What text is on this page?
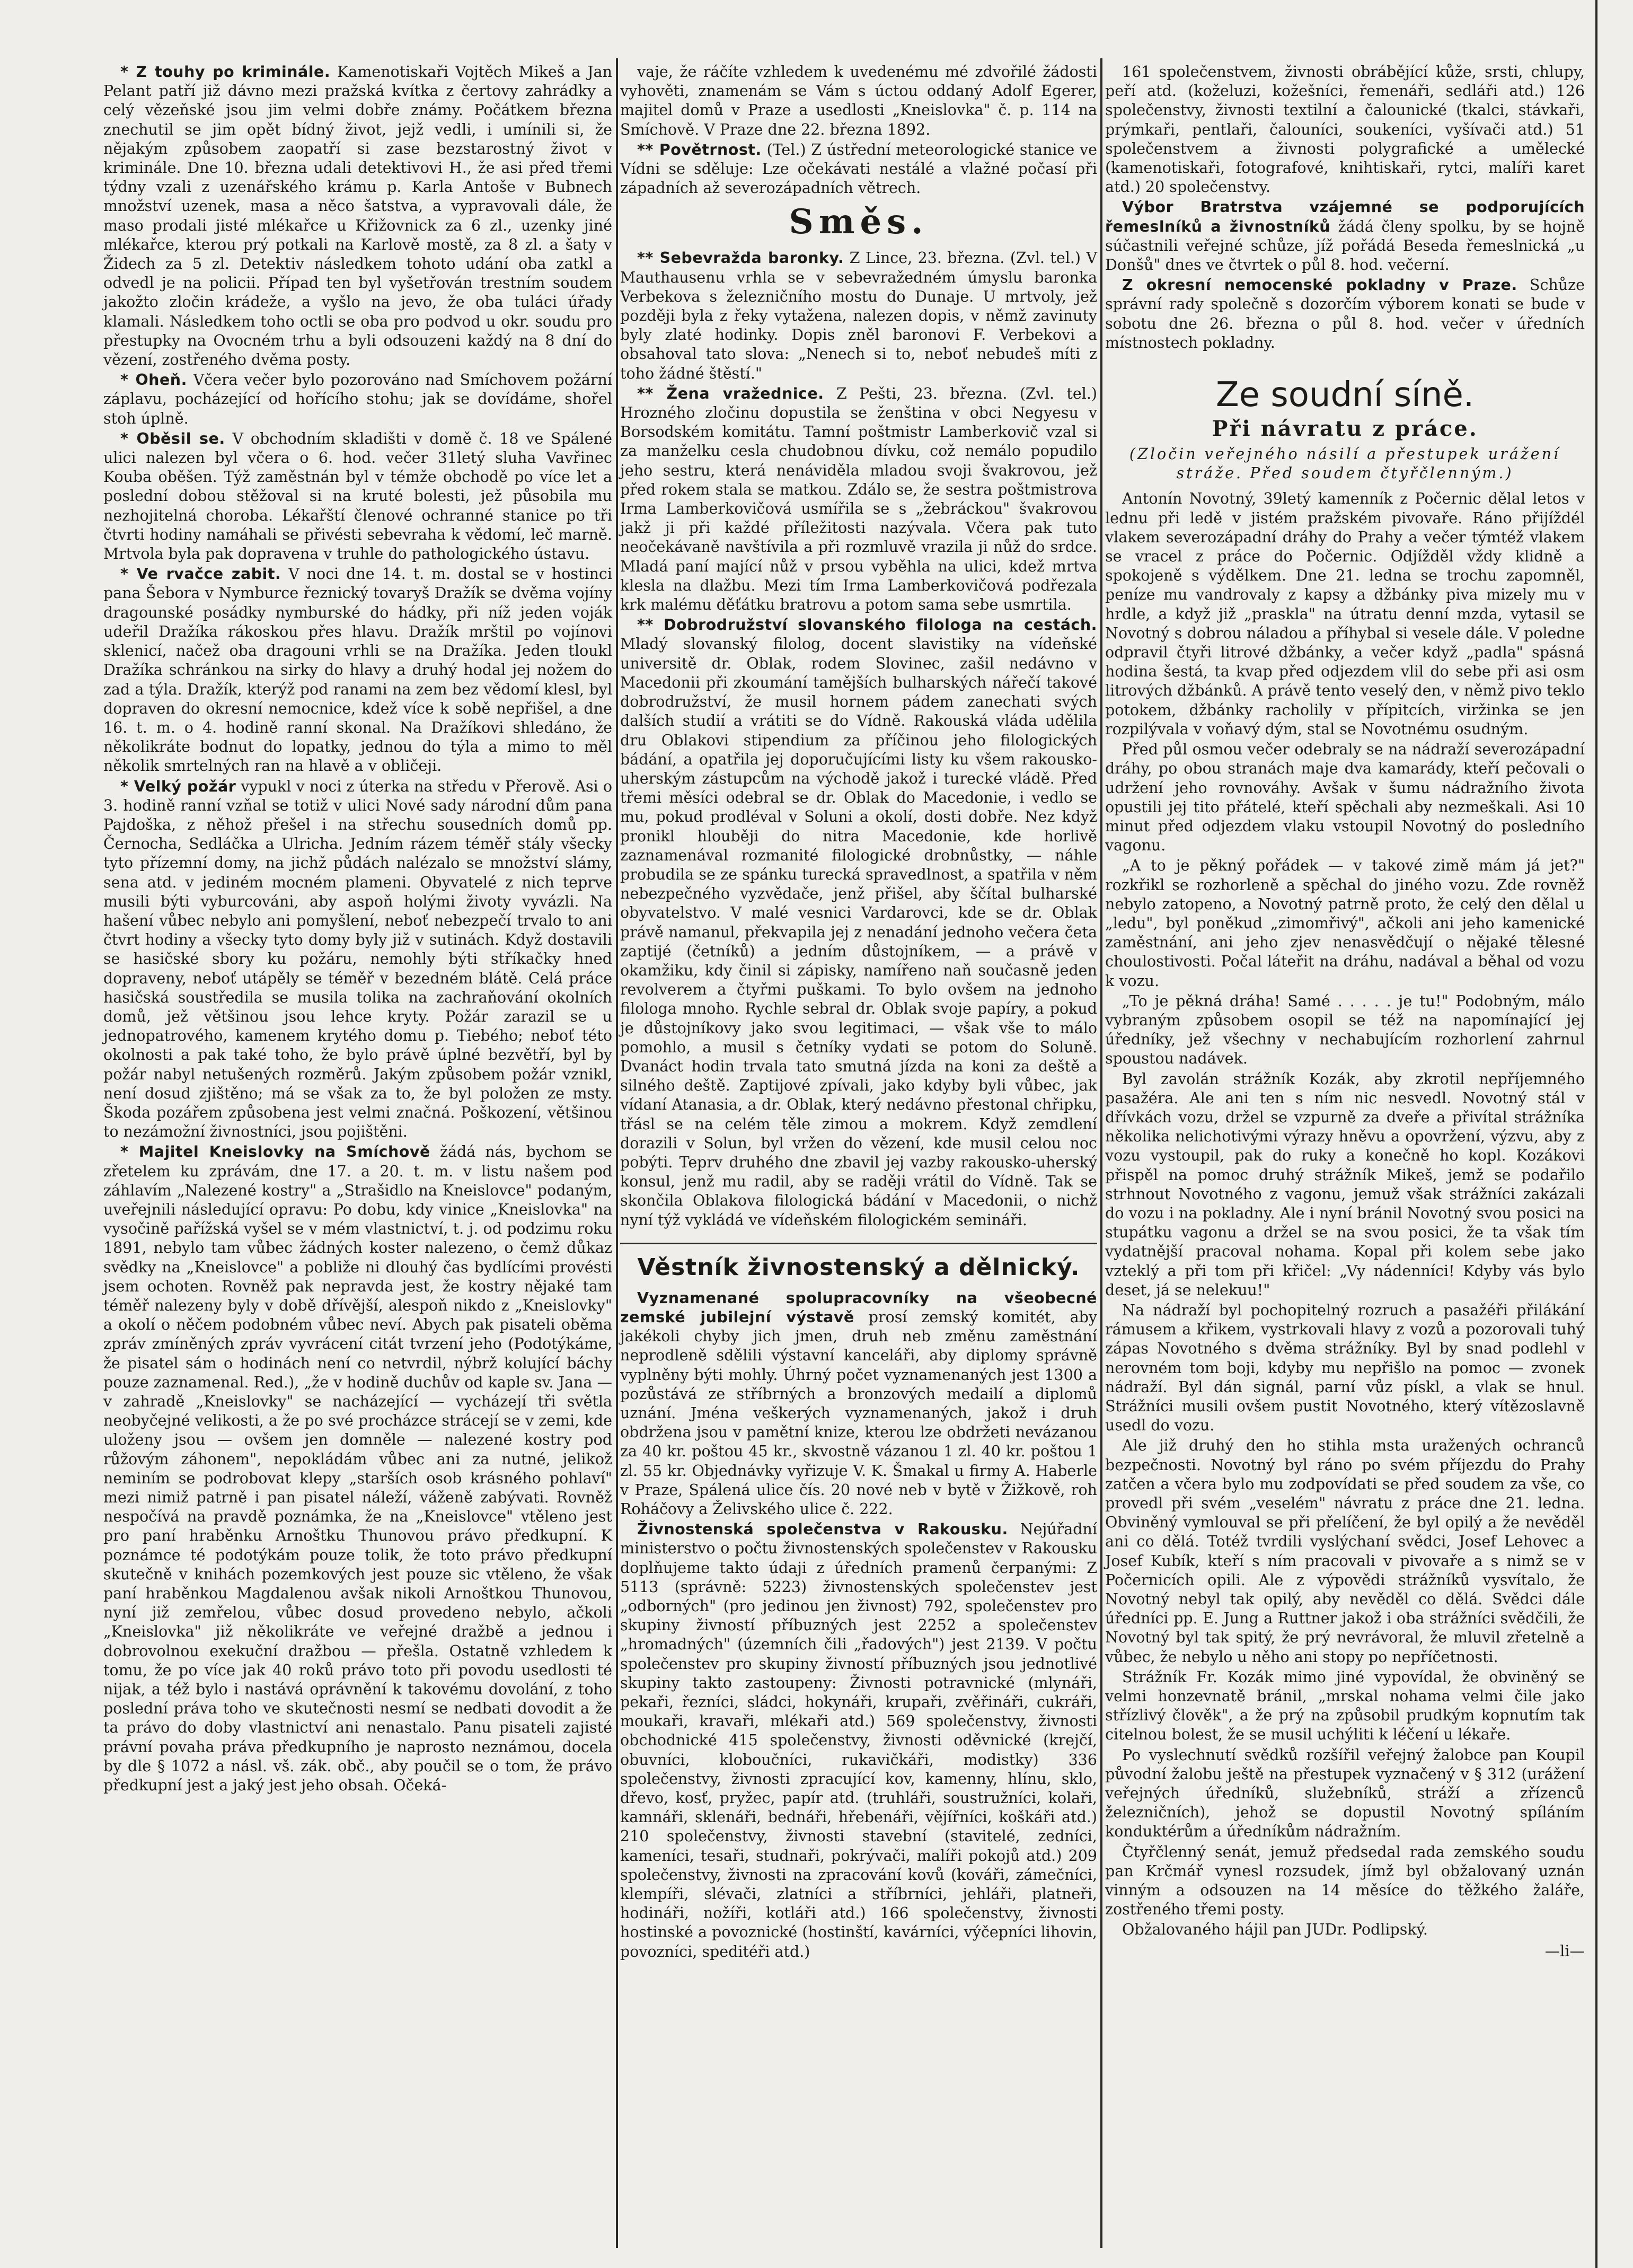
* Z touhy po kriminále. Kamenotiskaři Vojtěch Mikeš a Jan Pelant patří již dávno mezi pražská kvítka z čertovy zahrádky a celý vězeňské jsou jim velmi dobře známy. Počátkem března znechutil se jim opět bídný život, jejž vedli, i umínili si, že nějakým způsobem zaopatří si zase bezstarostný život v kriminále. Dne 10. března udali detektivovi H., že asi před třemi týdny vzali z uzenářského krámu p. Karla Antoše v Bubnech množství uzenek, masa a něco šatstva, a vypravovali dále, že maso prodali jisté mlékařce u Křižovnick za 6 zl., uzenky jiné mlékařce, kterou prý potkali na Karlově mostě, za 8 zl. a šaty v Židech za 5 zl. Detektiv následkem tohoto udání oba zatkl a odvedl je na policii. Případ ten byl vyšetřován trestním soudem jakožto zločin krádeže, a vyšlo na jevo, že oba tuláci úřady klamali. Následkem toho octli se oba pro podvod u okr. soudu pro přestupky na Ovocném trhu a byli odsouzeni každý na 8 dní do vězení, zostřeného dvěma posty.

* Oheň. Včera večer bylo pozorováno nad Smíchovem požární záplavu, pocházející od hořícího stohu; jak se dovídáme, shořel stoh úplně.

* Oběsil se. V obchodním skladišti v domě č. 18 ve Spálené ulici nalezen byl včera o 6. hod. večer 31letý sluha Vavřinec Kouba oběšen. Týž zaměstnán byl v témže obchodě po více let a poslední dobou stěžoval si na kruté bolesti, jež působila mu nezhojitelná choroba. Lékařští členové ochranné stanice po tři čtvrti hodiny namáhali se přivésti sebevraha k vědomí, leč marně. Mrtvola byla pak dopravena v truhle do pathologického ústavu.

* Ve rvačce zabit. V noci dne 14. t. m. dostal se v hostinci pana Šebora v Nymburce řeznický tovaryš Dražík se dvěma vojíny dragounské posádky nymburské do hádky, při níž jeden voják udeřil Dražíka rákoskou přes hlavu. Dražík mrštil po vojínovi sklenicí, načež oba dragouni vrhli se na Dražíka. Jeden tloukl Dražíka schránkou na sirky do hlavy a druhý hodal jej nožem do zad a týla. Dražík, kterýž pod ranami na zem bez vědomí klesl, byl dopraven do okresní nemocnice, kdež více k sobě nepřišel, a dne 16. t. m. o 4. hodině ranní skonal. Na Dražíkovi shledáno, že několikráte bodnut do lopatky, jednou do týla a mimo to měl několik smrtelných ran na hlavě a v obličeji.

* Velký požár vypukl v noci z úterka na středu v Přerově. Asi o 3. hodině ranní vzňal se totiž v ulici Nové sady národní dům pana Pajdoška, z něhož přešel i na střechu sousedních domů pp. Černocha, Sedláčka a Ulricha. Jedním rázem téměř stály všecky tyto přízemní domy, na jichž půdách nalézalo se množství slámy, sena atd. v jediném mocném plameni. Obyvatelé z nich teprve musili býti vyburcováni, aby aspoň holými životy vyvázli. Na hašení vůbec nebylo ani pomyšlení, neboť nebezpečí trvalo to ani čtvrt hodiny a všecky tyto domy byly již v sutinách. Když dostavili se hasičské sbory ku požáru, nemohly býti stříkačky hned dopraveny, neboť utápěly se téměř v bezedném blátě. Celá práce hasičská soustředila se musila tolika na zachraňování okolních domů, jež většinou jsou lehce kryty. Požár zarazil se u jednopatrového, kamenem krytého domu p. Tiebého; neboť této okolnosti a pak také toho, že bylo právě úplné bezvětří, byl by požár nabyl netušených rozměrů. Jakým způsobem požár vznikl, není dosud zjištěno; má se však za to, že byl položen ze msty. Škoda pozářem způsobena jest velmi značná. Poškození, většinou to nezámožní živnostníci, jsou pojištěni.

* Majitel Kneislovky na Smíchově žádá nás, bychom se zřetelem ku zprávám, dne 17. a 20. t. m. v listu našem pod záhlavím „Nalezené kostry" a „Strašidlo na Kneislovce" podaným, uveřejnili následující opravu: Po dobu, kdy vinice „Kneislovka" na vysočině pařížská vyšel se v mém vlastnictví, t. j. od podzimu roku 1891, nebylo tam vůbec žádných koster nalezeno, o čemž důkaz svědky na „Kneislovce" a pobliže ni dlouhý čas bydlícími provésti jsem ochoten. Rovněž pak nepravda jest, že kostry nějaké tam téměř nalezeny byly v době dřívější, alespoň nikdo z „Kneislovky" a okolí o něčem podobném vůbec neví. Abych pak pisateli oběma zpráv zmíněných zpráv vyvrácení citát tvrzení jeho (Podotýkáme, že pisatel sám o hodinách není co netvrdil, nýbrž kolující báchy pouze zaznamenal. Red.), „že v hodině duchův od kaple sv. Jana — v zahradě „Kneislovky" se nacházející — vycházejí tři světla neobyčejné velikosti, a že po své procházce strácejí se v zemi, kde uloženy jsou — ovšem jen domněle — nalezené kostry pod růžovým záhonem", nepokládám vůbec ani za nutné, jelikož neminím se podrobovat klepy „starších osob krásného pohlaví" mezi nimiž patrně i pan pisatel náleží, váženě zabývati. Rovněž nespočívá na pravdě poznámka, že na „Kneislovce" vtěleno jest pro paní hraběnku Arnoštku Thunovou právo předkupní. K poznámce té podotýkám pouze tolik, že toto právo předkupní skutečně v knihách pozemkových jest pouze sic vtěleno, že však paní hraběnkou Magdalenou avšak nikoli Arnoštkou Thunovou, nyní již zemřelou, vůbec dosud provedeno nebylo, ačkoli „Kneislovka" již několikráte ve veřejné dražbě a jednou i dobrovolnou exekuční dražbou — přešla. Ostatně vzhledem k tomu, že po více jak 40 roků právo toto při povodu usedlosti té nijak, a též bylo i nastává oprávnění k takovému dovolání, z toho poslední práva toho ve skutečnosti nesmí se nedbati dovodit a že ta právo do doby vlastnictví ani nenastalo. Panu pisateli zajisté právní povaha práva předkupního je naprosto neznámou, docela by dle § 1072 a násl. vš. zák. obč., aby poučil se o tom, že právo předkupní jest a jaký jest jeho obsah. Očeká-

vaje, že ráčíte vzhledem k uvedenému mé zdvořilé žádosti vyhověti, znamenám se Vám s úctou oddaný Adolf Egerer, majitel domů v Praze a usedlosti „Kneislovka" č. p. 114 na Smíchově. V Praze dne 22. března 1892.

** Povětrnost. (Tel.) Z ústřední meteorologické stanice ve Vídni se sděluje: Lze očekávati nestálé a vlažné počasí při západních až severozápadních větrech.

Směs.

** Sebevražda baronky. Z Lince, 23. března. (Zvl. tel.) V Mauthausenu vrhla se v sebevražedném úmyslu baronka Verbekova s železničního mostu do Dunaje. U mrtvoly, jež později byla z řeky vytažena, nalezen dopis, v němž zavinuty byly zlaté hodinky. Dopis zněl baronovi F. Verbekovi a obsahoval tato slova: „Nenech si to, neboť nebudeš míti z toho žádné štěstí."

** Žena vražednice. Z Pešti, 23. března. (Zvl. tel.) Hrozného zločinu dopustila se ženština v obci Negyesu v Borsodském komitátu. Tamní poštmistr Lamberkovič vzal si za manželku cesla chudobnou dívku, což nemálo popudilo jeho sestru, která nenáviděla mladou svoji švakrovou, jež před rokem stala se matkou. Zdálo se, že sestra poštmistrova Irma Lamberkovičová usmířila se s „žebráckou" švakrovou jakž ji při každé příležitosti nazývala. Včera pak tuto neočekávaně navštívila a při rozmluvě vrazila ji nůž do srdce. Mladá paní mající nůž v prsou vyběhla na ulici, kdež mrtva klesla na dlažbu. Mezi tím Irma Lamberkovičová podřezala krk malému děťátku bratrovu a potom sama sebe usmrtila.

** Dobrodružství slovanského filologa na cestách. Mladý slovanský filolog, docent slavistiky na vídeňské universitě dr. Oblak, rodem Slovinec, zašil nedávno v Macedonii při zkoumání tamějších bulharských nářečí takové dobrodružství, že musil hornem pádem zanechati svých dalších studií a vrátiti se do Vídně. Rakouská vláda udělila dru Oblakovi stipendium za příčinou jeho filologických bádání, a opatřila jej doporučujícími listy ku všem rakousko-uherským zástupcům na východě jakož i turecké vládě. Před třemi měsíci odebral se dr. Oblak do Macedonie, i vedlo se mu, pokud prodléval v Soluni a okolí, dosti dobře. Nez když pronikl hlouběji do nitra Macedonie, kde horlivě zaznamenával rozmanité filologické drobnůstky, — náhle probudila se ze spánku turecká spravedlnost, a spatřila v něm nebezpečného vyzvědače, jenž přišel, aby ščítal bulharské obyvatelstvo. V malé vesnici Vardarovci, kde se dr. Oblak právě namanul, překvapila jej z nenadání jednoho večera četa zaptijé (četníků) a jedním důstojníkem, — a právě v okamžiku, kdy činil si zápisky, namířeno naň současně jeden revolverem a čtyřmi puškami. To bylo ovšem na jednoho filologa mnoho. Rychle sebral dr. Oblak svoje papíry, a pokud je důstojníkovy jako svou legitimaci, — však vše to málo pomohlo, a musil s četníky vydati se potom do Soluně. Dvanáct hodin trvala tato smutná jízda na koni za deště a silného deště. Zaptijové zpívali, jako kdyby byli vůbec, jak vídaní Atanasia, a dr. Oblak, který nedávno přestonal chřipku, třásl se na celém těle zimou a mokrem. Když zemdlení dorazili v Solun, byl vržen do vězení, kde musil celou noc pobýti. Teprv druhého dne zbavil jej vazby rakousko-uherský konsul, jenž mu radil, aby se raději vrátil do Vídně. Tak se skončila Oblakova filologická bádání v Macedonii, o nichž nyní týž vykládá ve vídeňském filologickém semináři.

Věstník živnostenský a dělnický.

Vyznamenané spolupracovníky na všeobecné zemské jubilejní výstavě prosí zemský komitét, aby jakékoli chyby jich jmen, druh neb změnu zaměstnání neprodleně sdělili výstavní kanceláři, aby diplomy správně vyplněny býti mohly. Úhrný počet vyznamenaných jest 1300 a pozůstává ze stříbrných a bronzových medailí a diplomů uznání. Jména veškerých vyznamenaných, jakož i druh obdržena jsou v pamětní knize, kterou lze obdržeti nevázanou za 40 kr. poštou 45 kr., skvostně vázanou 1 zl. 40 kr. poštou 1 zl. 55 kr. Objednávky vyřizuje V. K. Šmakal u firmy A. Haberle v Praze, Spálená ulice čís. 20 nové neb v bytě v Žižkově, roh Roháčovy a Želivského ulice č. 222.

Živnostenská společenstva v Rakousku. Nejúřadní ministerstvo o počtu živnostenských společenstev v Rakousku doplňujeme takto údaji z úředních pramenů čerpanými: Z 5113 (správně: 5223) živnostenských společenstev jest „odborných" (pro jedinou jen živnost) 792, společenstev pro skupiny živností příbuzných jest 2252 a společenstev „hromadných" (územních čili „řadových") jest 2139. V počtu společenstev pro skupiny živností příbuzných jsou jednotlivé skupiny takto zastoupeny: Živnosti potravnické (mlynáři, pekaři, řezníci, sládci, hokynáři, krupaři, zvěřináři, cukráři, moukaři, kravaři, mlékaři atd.) 569 společenstvy, živnosti obchodnické 415 společenstvy, živnosti oděvnické (krejčí, obuvníci, kloboučníci, rukavičkáři, modistky) 336 společenstvy, živnosti zpracující kov, kamenny, hlínu, sklo, dřevo, kosť, pryžec, papír atd. (truhláři, soustružníci, kolaři, kamnáři, sklenáři, bednáři, hřebenáři, vějířníci, koškáři atd.) 210 společenstvy, živnosti stavební (stavitelé, zedníci, kameníci, tesaři, studnaři, pokrývači, malíři pokojů atd.) 209 společenstvy, živnosti na zpracování kovů (kováři, zámečníci, klempíři, slévači, zlatníci a stříbrníci, jehláři, platneři, hodináři, nožíři, kotláři atd.) 166 společenstvy, živnosti hostinské a povoznické (hostinští, kavárníci, výčepníci lihovin, povozníci, speditéři atd.)

161 společenstvem, živnosti obrábějící kůže, srsti, chlupy, peří atd. (koželuzi, kožešníci, řemenáři, sedláři atd.) 126 společenstvy, živnosti textilní a čalounické (tkalci, stávkaři, prýmkaři, pentlaři, čalouníci, soukeníci, vyšívači atd.) 51 společenstvem a živnosti polygrafické a umělecké (kamenotiskaři, fotografové, knihtiskaři, rytci, malíři karet atd.) 20 společenstvy.

Výbor Bratrstva vzájemné se podporujících řemeslníků a živnostníků žádá členy spolku, by se hojně súčastnili veřejné schůze, jíž pořádá Beseda řemeslnická „u Donšů" dnes ve čtvrtek o půl 8. hod. večerní.

Z okresní nemocenské pokladny v Praze. Schůze správní rady společně s dozorčím výborem konati se bude v sobotu dne 26. března o půl 8. hod. večer v úředních místnostech pokladny.

Ze soudní síně.
Při návratu z práce.
(Zločin veřejného násilí a přestupek urážení stráže. Před soudem čtyřčlenným.)

Antonín Novotný, 39letý kamenník z Počernic dělal letos v lednu při ledě v jistém pražském pivovaře. Ráno přijíždél vlakem severozápadní dráhy do Prahy a večer týmtéž vlakem se vracel z práce do Počernic. Odjížděl vždy klidně a spokojeně s výdělkem. Dne 21. ledna se trochu zapomněl, peníze mu vandrovaly z kapsy a džbánky piva mizely mu v hrdle, a když již „praskla" na útratu denní mzda, vytasil se Novotný s dobrou náladou a příhybal si vesele dále. V poledne odpravil čtyři litrové džbánky, a večer když „padla" spásná hodina šestá, ta kvap před odjezdem vlil do sebe při asi osm litrových džbánků. A právě tento veselý den, v němž pivo teklo potokem, džbánky racholily v přípitcích, viržinka se jen rozpilývala v voňavý dým, stal se Novotnému osudným.

Před půl osmou večer odebraly se na nádraží severozápadní dráhy, po obou stranách maje dva kamarády, kteří pečovali o udržení jeho rovnováhy. Avšak v šumu nádražního života opustili jej tito přátelé, kteří spěchali aby nezmeškali. Asi 10 minut před odjezdem vlaku vstoupil Novotný do posledního vagonu.

„A to je pěkný pořádek — v takové zimě mám já jet?" rozkřikl se rozhorleně a spěchal do jiného vozu. Zde rovněž nebylo zatopeno, a Novotný patrně proto, že celý den dělal u „ledu", byl poněkud „zimomřivý", ačkoli ani jeho kamenické zaměstnání, ani jeho zjev nenasvědčují o nějaké tělesné choulostivosti. Počal láteřit na dráhu, nadával a běhal od vozu k vozu.

„To je pěkná dráha! Samé . . . . . je tu!" Podobným, málo vybraným způsobem osopil se též na napomínající jej úředníky, jež všechny v nechabujícím rozhorlení zahrnul spoustou nadávek.

Byl zavolán strážník Kozák, aby zkrotil nepříjemného pasažéra. Ale ani ten s ním nic nesvedl. Novotný stál v dřívkách vozu, držel se vzpurně za dveře a přivítal strážníka několika nelichotivými výrazy hněvu a opovržení, výzvu, aby z vozu vystoupil, pak do ruky a konečně ho kopl. Kozákovi přispěl na pomoc druhý strážník Mikeš, jemž se podařilo strhnout Novotného z vagonu, jemuž však strážníci zakázali do vozu i na pokladny. Ale i nyní bránil Novotný svou posici na stupátku vagonu a držel se na svou posici, že ta však tím vydatnější pracoval nohama. Kopal při kolem sebe jako vzteklý a při tom při křičel: „Vy nádenníci! Kdyby vás bylo deset, já se nelekuu!"

Na nádraží byl pochopitelný rozruch a pasažéři přilákání rámusem a křikem, vystrkovali hlavy z vozů a pozorovali tuhý zápas Novotného s dvěma strážníky. Byl by snad podlehl v nerovném tom boji, kdyby mu nepřišlo na pomoc — zvonek nádraží. Byl dán signál, parní vůz pískl, a vlak se hnul. Strážníci musili ovšem pustit Novotného, který vítězoslavně usedl do vozu.

Ale již druhý den ho stihla msta uražených ochranců bezpečnosti. Novotný byl ráno po svém příjezdu do Prahy zatčen a včera bylo mu zodpovídati se před soudem za vše, co provedl při svém „veselém" návratu z práce dne 21. ledna. Obviněný vymlouval se při přelíčení, že byl opilý a že nevěděl ani co dělá. Totéž tvrdili vyslýchaní svědci, Josef Lehovec a Josef Kubík, kteří s ním pracovali v pivovaře a s nimž se v Počernicích opili. Ale z výpovědi strážníků vysvítalo, že Novotný nebyl tak opilý, aby nevěděl co dělá. Svědci dále úředníci pp. E. Jung a Ruttner jakož i oba strážníci svědčili, že Novotný byl tak spitý, že prý nevrávoral, že mluvil zřetelně a vůbec, že nebylo u něho ani stopy po nepříčetnosti.

Strážník Fr. Kozák mimo jiné vypovídal, že obviněný se velmi honzevnatě bránil, „mrskal nohama velmi čile jako střízlivý člověk", a že prý na způsobil prudkým kopnutím tak citelnou bolest, že se musil uchýliti k léčení u lékaře.

Po vyslechnutí svědků rozšířil veřejný žalobce pan Koupil původní žalobu ještě na přestupek vyznačený v § 312 (urážení veřejných úředníků, služebníků, stráží a zřízenců železničních), jehož se dopustil Novotný spíláním konduktérům a úředníkům nádražním.

Čtyřčlenný senát, jemuž předsedal rada zemského soudu pan Krčmář vynesl rozsudek, jímž byl obžalovaný uznán vinným a odsouzen na 14 měsíce do těžkého žaláře, zostřeného třemi posty.

Obžalovaného hájil pan JUDr. Podlipský.

—li—
